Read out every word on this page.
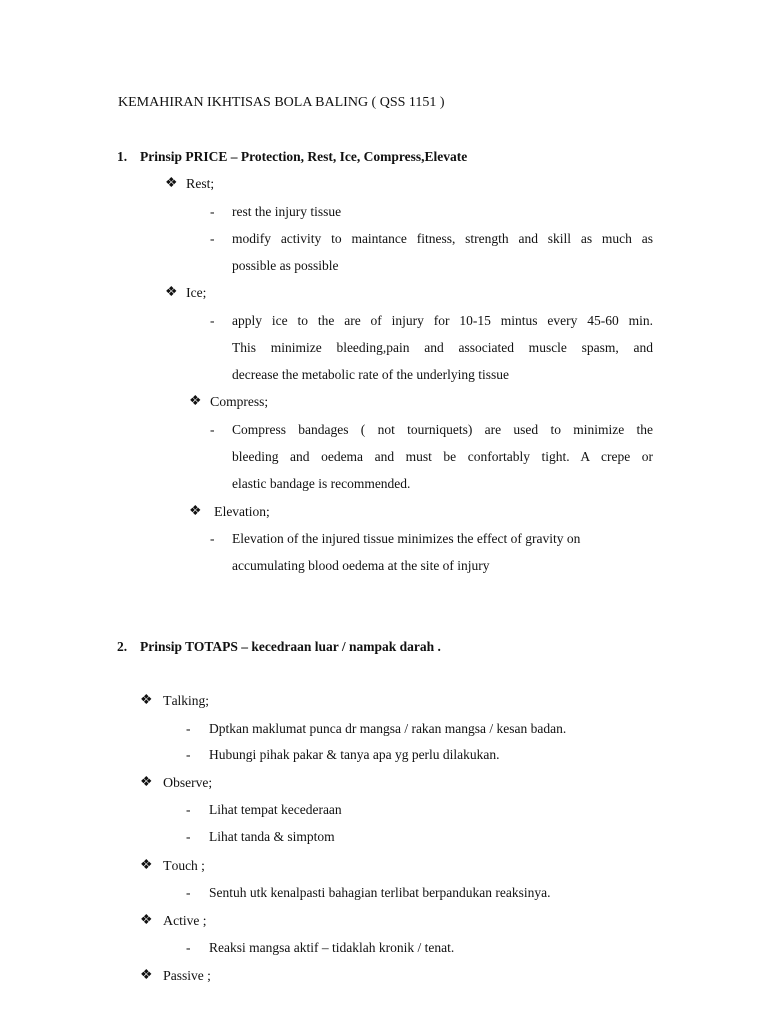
KEMAHIRAN IKHTISAS BOLA BALING ( QSS 1151 )
1. Prinsip PRICE – Protection, Rest, Ice, Compress,Elevate
❖ Rest;
- rest the injury tissue
- modify activity to maintance fitness, strength and skill as much as
possible as possible
❖ Ice;
- apply ice to the are of injury for 10-15 mintus every 45-60 min.
This minimize bleeding,pain and associated muscle spasm, and
decrease the metabolic rate of the underlying tissue
❖ Compress;
- Compress bandages ( not tourniquets) are used to minimize the
bleeding and oedema and must be confortably tight. A crepe or
elastic bandage is recommended.
❖ Elevation;
- Elevation of the injured tissue minimizes the effect of gravity on
accumulating blood oedema at the site of injury
2. Prinsip TOTAPS – kecedraan luar / nampak darah .
❖ Talking;
- Dptkan maklumat punca dr mangsa / rakan mangsa / kesan badan.
- Hubungi pihak pakar & tanya apa yg perlu dilakukan.
❖ Observe;
- Lihat tempat kecederaan
- Lihat tanda & simptom
❖ Touch ;
- Sentuh utk kenalpasti bahagian terlibat berpandukan reaksinya.
❖ Active ;
- Reaksi mangsa aktif – tidaklah kronik / tenat.
❖ Passive ;
